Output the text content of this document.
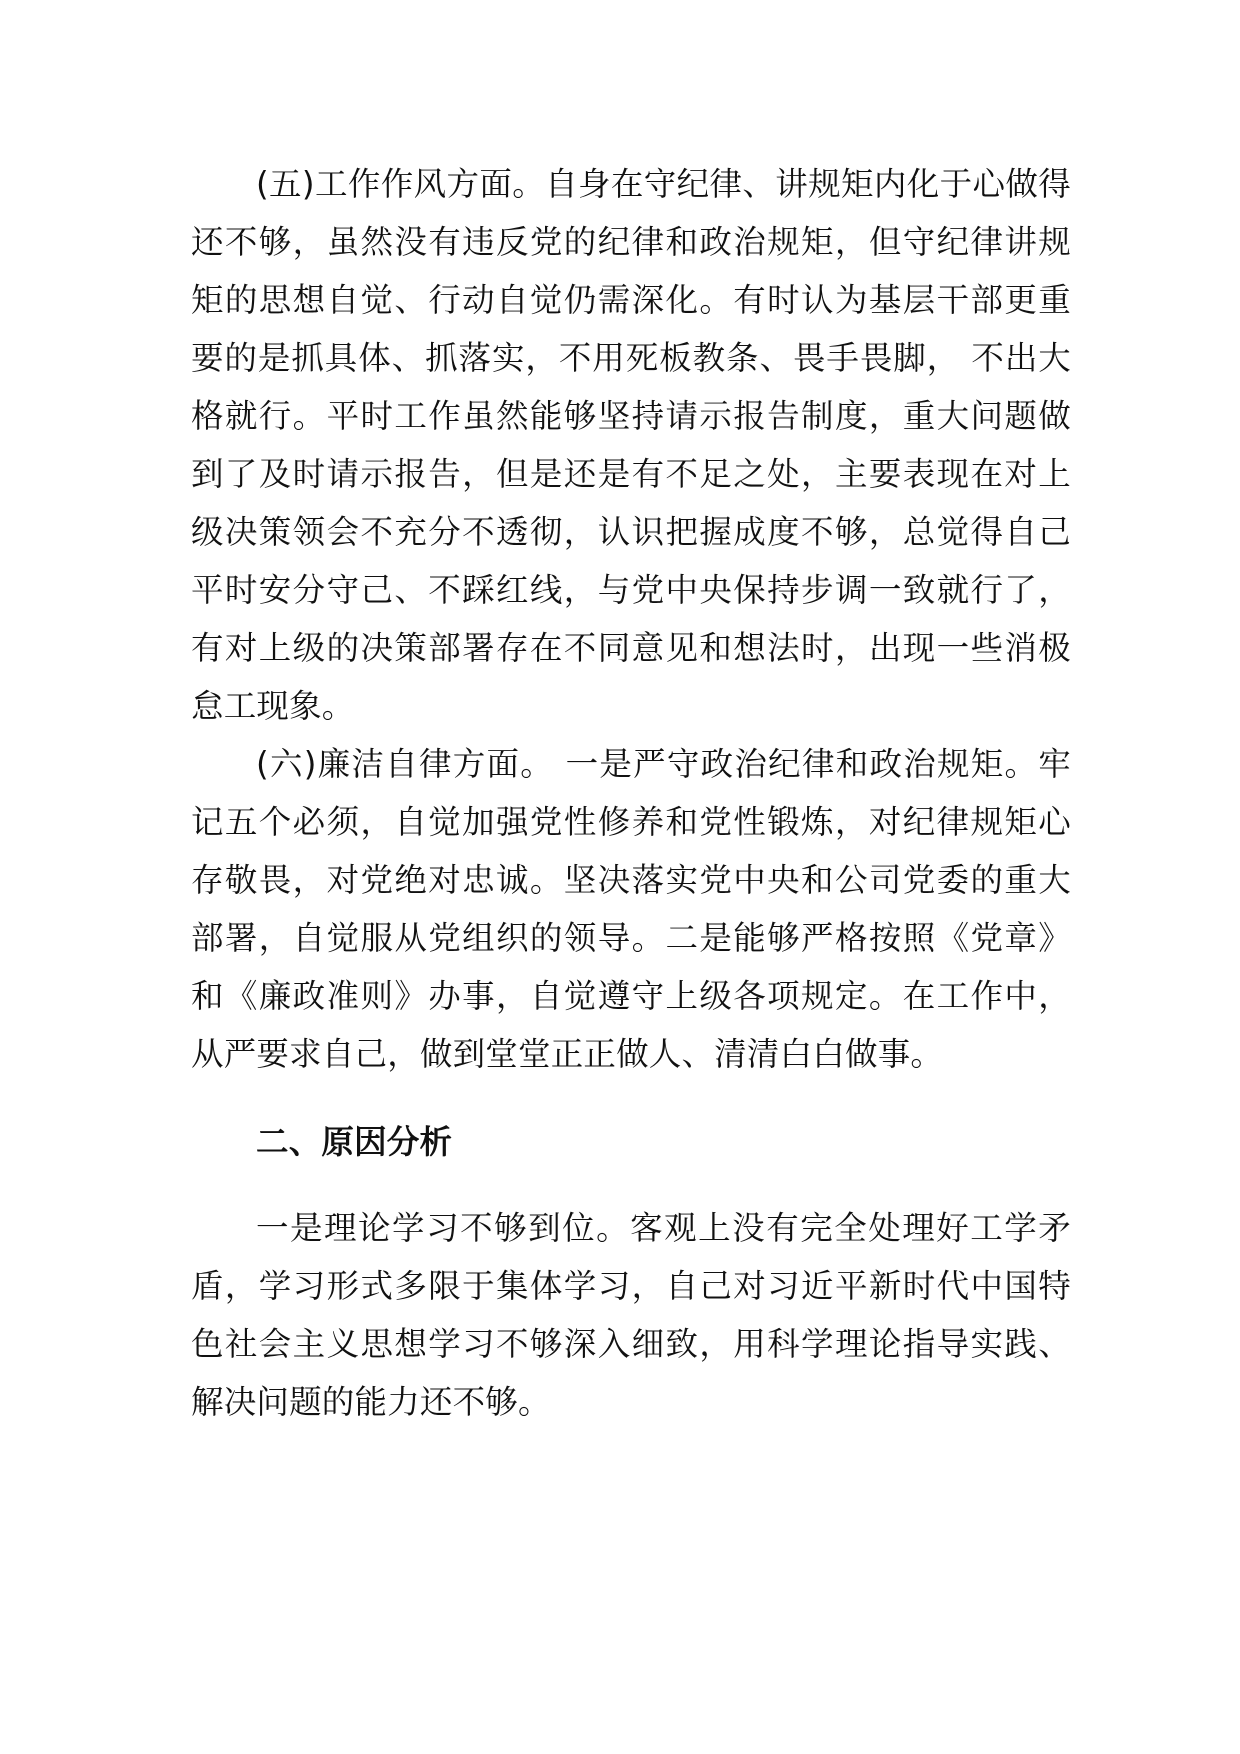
(五)工作作风方面。自身在守纪律、讲规矩内化于心做得还不够，虽然没有违反党的纪律和政治规矩，但守纪律讲规矩的思想自觉、行动自觉仍需深化。有时认为基层干部更重要的是抓具体、抓落实，不用死板教条、畏手畏脚， 不出大格就行。平时工作虽然能够坚持请示报告制度，重大问题做到了及时请示报告，但是还是有不足之处，主要表现在对上级决策领会不充分不透彻，认识把握成度不够，总觉得自己平时安分守己、不踩红线，与党中央保持步调一致就行了，有对上级的决策部署存在不同意见和想法时，出现一些消极怠工现象。

(六)廉洁自律方面。 一是严守政治纪律和政治规矩。牢记五个必须，自觉加强党性修养和党性锻炼，对纪律规矩心存敬畏，对党绝对忠诚。坚决落实党中央和公司党委的重大部署，自觉服从党组织的领导。二是能够严格按照《党章》和《廉政准则》办事，自觉遵守上级各项规定。在工作中，从严要求自己，做到堂堂正正做人、清清白白做事。

二、原因分析

一是理论学习不够到位。客观上没有完全处理好工学矛盾，学习形式多限于集体学习，自己对习近平新时代中国特色社会主义思想学习不够深入细致，用科学理论指导实践、解决问题的能力还不够。
